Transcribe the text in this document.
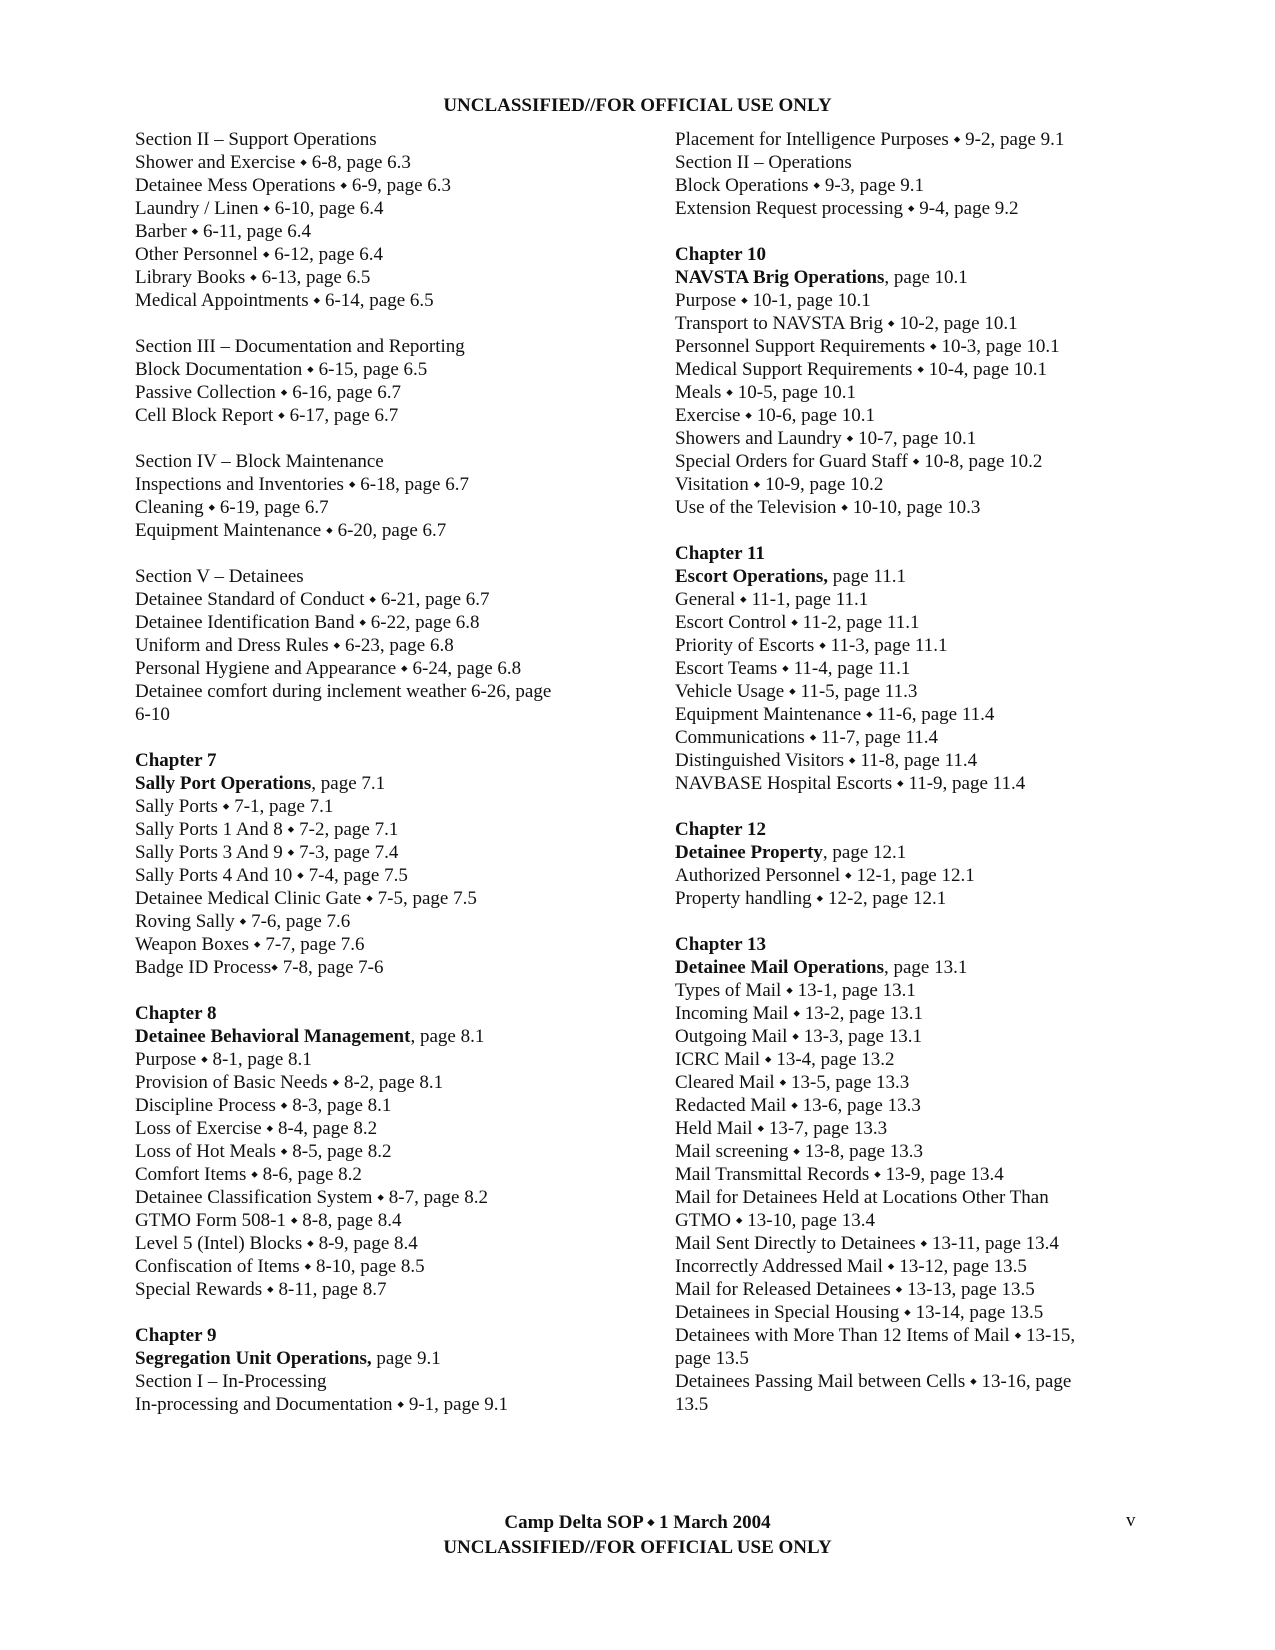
UNCLASSIFIED//FOR OFFICIAL USE ONLY
Section II – Support Operations
Shower and Exercise ⬩ 6-8, page 6.3
Detainee Mess Operations ⬩ 6-9, page 6.3
Laundry / Linen ⬩ 6-10, page 6.4
Barber ⬩ 6-11, page 6.4
Other Personnel ⬩ 6-12, page 6.4
Library Books ⬩ 6-13, page 6.5
Medical Appointments ⬩ 6-14, page 6.5
Section III – Documentation and Reporting
Block Documentation ⬩ 6-15, page 6.5
Passive Collection ⬩ 6-16, page 6.7
Cell Block Report ⬩ 6-17, page 6.7
Section IV – Block Maintenance
Inspections and Inventories ⬩ 6-18, page 6.7
Cleaning ⬩ 6-19, page 6.7
Equipment Maintenance ⬩ 6-20, page 6.7
Section V – Detainees
Detainee Standard of Conduct ⬩ 6-21, page 6.7
Detainee Identification Band ⬩ 6-22, page 6.8
Uniform and Dress Rules ⬩ 6-23, page 6.8
Personal Hygiene and Appearance ⬩ 6-24, page 6.8
Detainee comfort during inclement weather 6-26, page
6-10
Chapter 7
Sally Port Operations, page 7.1
Sally Ports ⬩ 7-1, page 7.1
Sally Ports 1 And 8 ⬩ 7-2, page 7.1
Sally Ports 3 And 9 ⬩ 7-3, page 7.4
Sally Ports 4 And 10 ⬩ 7-4, page 7.5
Detainee Medical Clinic Gate ⬩ 7-5, page 7.5
Roving Sally ⬩ 7-6, page 7.6
Weapon Boxes ⬩ 7-7, page 7.6
Badge ID Process⬩ 7-8, page 7-6
Chapter 8
Detainee Behavioral Management, page 8.1
Purpose ⬩ 8-1, page 8.1
Provision of Basic Needs ⬩ 8-2, page 8.1
Discipline Process ⬩ 8-3, page 8.1
Loss of Exercise ⬩ 8-4, page 8.2
Loss of Hot Meals ⬩ 8-5, page 8.2
Comfort Items ⬩ 8-6, page 8.2
Detainee Classification System ⬩ 8-7, page 8.2
GTMO Form 508-1 ⬩ 8-8, page 8.4
Level 5 (Intel) Blocks ⬩ 8-9, page 8.4
Confiscation of Items ⬩ 8-10, page 8.5
Special Rewards ⬩ 8-11, page 8.7
Chapter 9
Segregation Unit Operations, page 9.1
Section I – In-Processing
In-processing and Documentation ⬩ 9-1, page 9.1
Placement for Intelligence Purposes ⬩ 9-2, page 9.1
Section II – Operations
Block Operations ⬩ 9-3, page 9.1
Extension Request processing ⬩ 9-4, page 9.2
Chapter 10
NAVSTA Brig Operations, page 10.1
Purpose ⬩ 10-1, page 10.1
Transport to NAVSTA Brig ⬩ 10-2, page 10.1
Personnel Support Requirements ⬩ 10-3, page 10.1
Medical Support Requirements ⬩ 10-4, page 10.1
Meals ⬩ 10-5, page 10.1
Exercise ⬩ 10-6, page 10.1
Showers and Laundry ⬩ 10-7, page 10.1
Special Orders for Guard Staff ⬩ 10-8, page 10.2
Visitation ⬩ 10-9, page 10.2
Use of the Television ⬩ 10-10, page 10.3
Chapter 11
Escort Operations, page 11.1
General ⬩ 11-1, page 11.1
Escort Control ⬩ 11-2, page 11.1
Priority of Escorts ⬩ 11-3, page 11.1
Escort Teams ⬩ 11-4, page 11.1
Vehicle Usage ⬩ 11-5, page 11.3
Equipment Maintenance ⬩ 11-6, page 11.4
Communications ⬩ 11-7, page 11.4
Distinguished Visitors ⬩ 11-8, page 11.4
NAVBASE Hospital Escorts ⬩ 11-9, page 11.4
Chapter 12
Detainee Property, page 12.1
Authorized Personnel ⬩ 12-1, page 12.1
Property handling ⬩ 12-2, page 12.1
Chapter 13
Detainee Mail Operations, page 13.1
Types of Mail ⬩ 13-1, page 13.1
Incoming Mail ⬩ 13-2, page 13.1
Outgoing Mail ⬩ 13-3, page 13.1
ICRC Mail ⬩ 13-4, page 13.2
Cleared Mail ⬩ 13-5, page 13.3
Redacted Mail ⬩ 13-6, page 13.3
Held Mail ⬩ 13-7, page 13.3
Mail screening ⬩ 13-8, page 13.3
Mail Transmittal Records ⬩ 13-9, page 13.4
Mail for Detainees Held at Locations Other Than
GTMO ⬩ 13-10, page 13.4
Mail Sent Directly to Detainees ⬩ 13-11, page 13.4
Incorrectly Addressed Mail ⬩ 13-12, page 13.5
Mail for Released Detainees ⬩ 13-13, page 13.5
Detainees in Special Housing ⬩ 13-14, page 13.5
Detainees with More Than 12 Items of Mail ⬩ 13-15,
page 13.5
Detainees Passing Mail between Cells ⬩ 13-16, page
13.5
Camp Delta SOP ⬩ 1 March 2004
UNCLASSIFIED//FOR OFFICIAL USE ONLY
v
